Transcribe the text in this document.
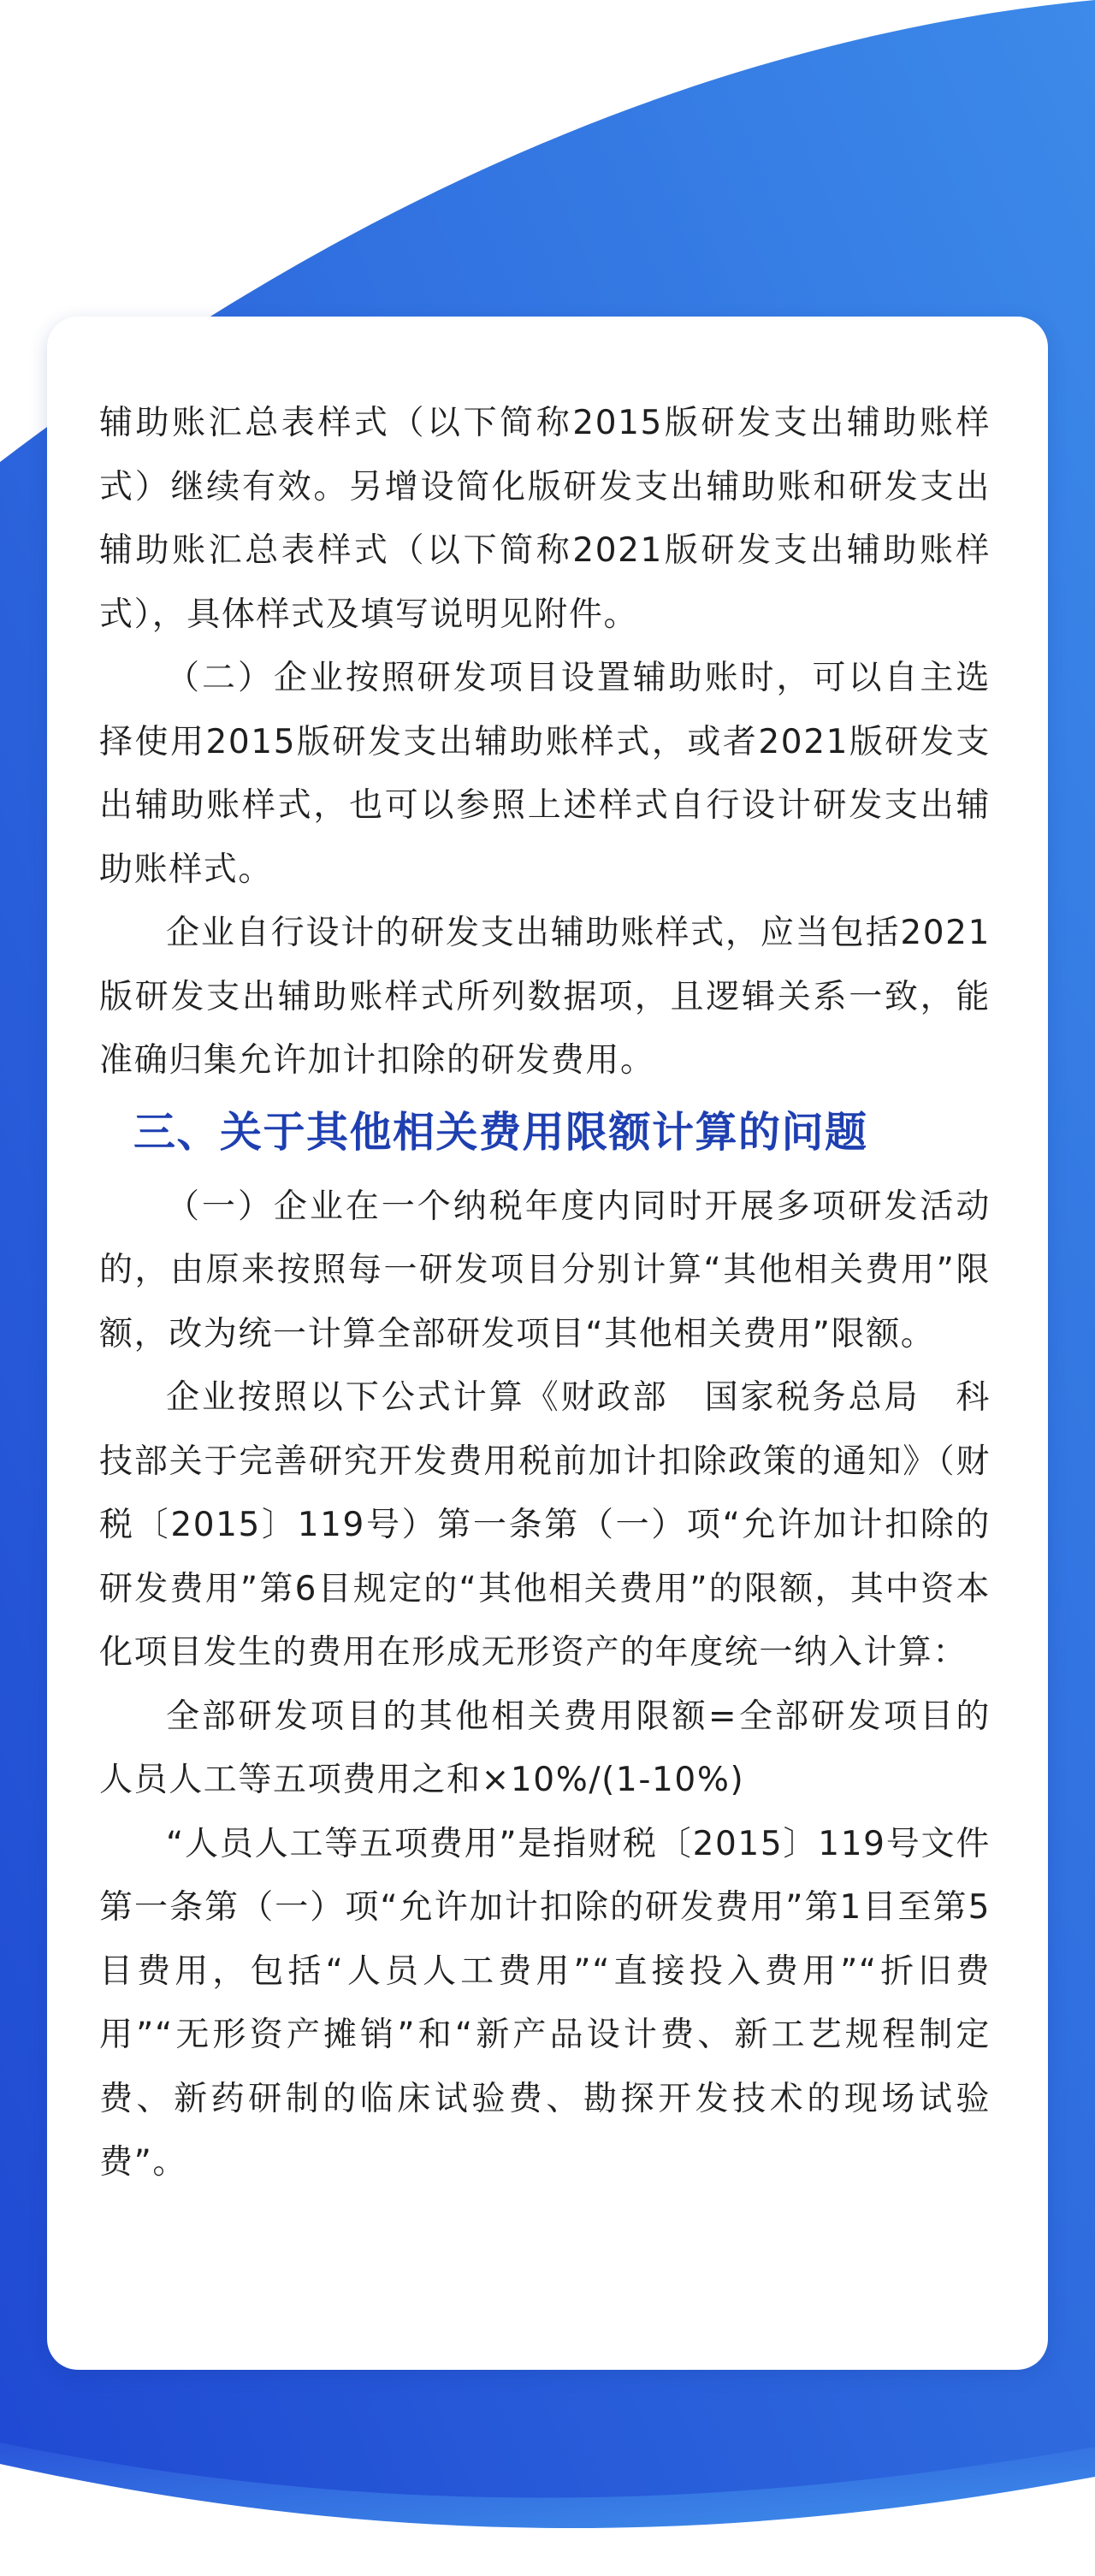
辅助账汇总表样式（以下简称2015版研发支出辅助账样式）继续有效。另增设简化版研发支出辅助账和研发支出辅助账汇总表样式（以下简称2021版研发支出辅助账样式），具体样式及填写说明见附件。

（二）企业按照研发项目设置辅助账时，可以自主选择使用2015版研发支出辅助账样式，或者2021版研发支出辅助账样式，也可以参照上述样式自行设计研发支出辅助账样式。

企业自行设计的研发支出辅助账样式，应当包括2021版研发支出辅助账样式所列数据项，且逻辑关系一致，能准确归集允许加计扣除的研发费用。

三、关于其他相关费用限额计算的问题

（一）企业在一个纳税年度内同时开展多项研发活动的，由原来按照每一研发项目分别计算“其他相关费用”限额，改为统一计算全部研发项目“其他相关费用”限额。

企业按照以下公式计算《财政部　国家税务总局　科技部关于完善研究开发费用税前加计扣除政策的通知》（财税〔2015〕119号）第一条第（一）项“允许加计扣除的研发费用”第6目规定的“其他相关费用”的限额，其中资本化项目发生的费用在形成无形资产的年度统一纳入计算：

全部研发项目的其他相关费用限额=全部研发项目的人员人工等五项费用之和×10%/(1-10%)

“人员人工等五项费用”是指财税〔2015〕119号文件第一条第（一）项“允许加计扣除的研发费用”第1目至第5目费用，包括“人员人工费用”“直接投入费用”“折旧费用”“无形资产摊销”和“新产品设计费、新工艺规程制定费、新药研制的临床试验费、勘探开发技术的现场试验费”。
